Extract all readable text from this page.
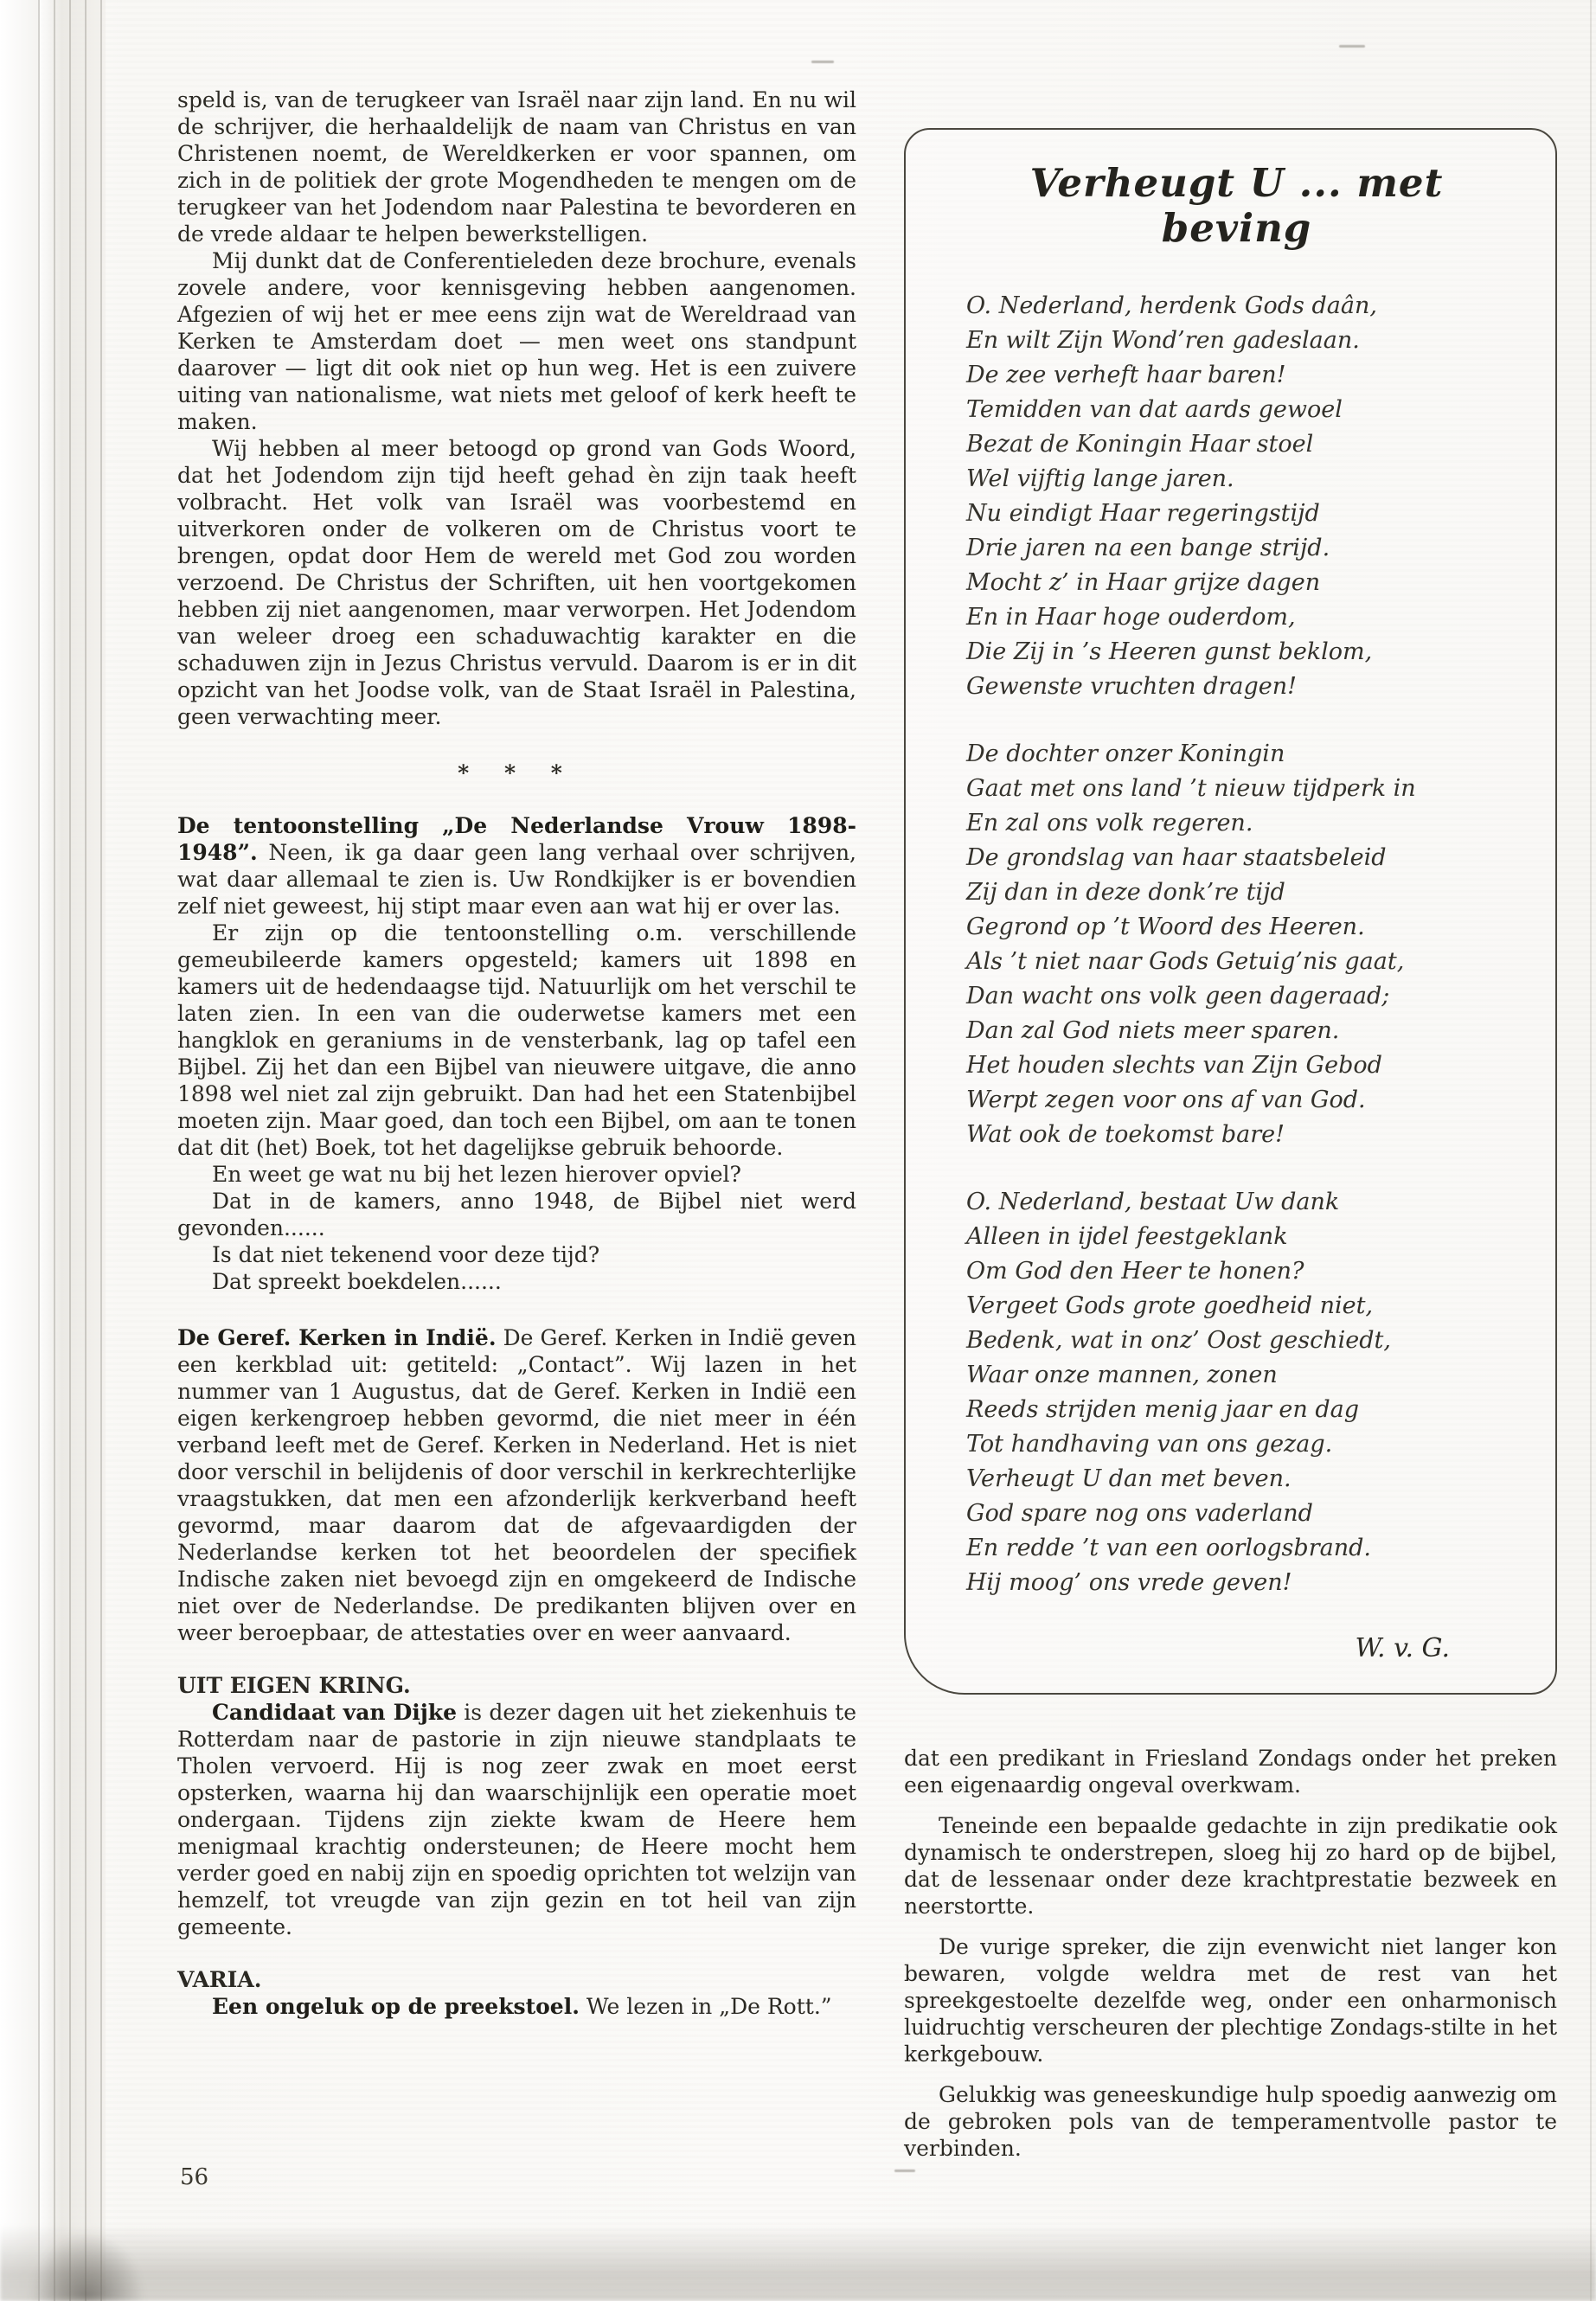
speld is, van de terugkeer van Israël naar zijn land. En nu wil de schrijver, die herhaaldelijk de naam van Christus en van Christenen noemt, de Wereldkerken er voor spannen, om zich in de politiek der grote Mogendheden te mengen om de terugkeer van het Jodendom naar Palestina te bevorderen en de vrede aldaar te helpen bewerkstelligen.

Mij dunkt dat de Conferentieleden deze brochure, evenals zovele andere, voor kennisgeving hebben aangenomen. Afgezien of wij het er mee eens zijn wat de Wereldraad van Kerken te Amsterdam doet — men weet ons standpunt daarover — ligt dit ook niet op hun weg. Het is een zuivere uiting van nationalisme, wat niets met geloof of kerk heeft te maken.

Wij hebben al meer betoogd op grond van Gods Woord, dat het Jodendom zijn tijd heeft gehad èn zijn taak heeft volbracht. Het volk van Israël was voorbestemd en uitverkoren onder de volkeren om de Christus voort te brengen, opdat door Hem de wereld met God zou worden verzoend. De Christus der Schriften, uit hen voortgekomen hebben zij niet aangenomen, maar verworpen. Het Jodendom van weleer droeg een schaduwachtig karakter en die schaduwen zijn in Jezus Christus vervuld. Daarom is er in dit opzicht van het Joodse volk, van de Staat Israël in Palestina, geen verwachting meer.

* * *

De tentoonstelling „De Nederlandse Vrouw 1898-1948”. Neen, ik ga daar geen lang verhaal over schrijven, wat daar allemaal te zien is. Uw Rondkijker is er bovendien zelf niet geweest, hij stipt maar even aan wat hij er over las.

Er zijn op die tentoonstelling o.m. verschillende gemeubileerde kamers opgesteld; kamers uit 1898 en kamers uit de hedendaagse tijd. Natuurlijk om het verschil te laten zien. In een van die ouderwetse kamers met een hangklok en geraniums in de vensterbank, lag op tafel een Bijbel. Zij het dan een Bijbel van nieuwere uitgave, die anno 1898 wel niet zal zijn gebruikt. Dan had het een Statenbijbel moeten zijn. Maar goed, dan toch een Bijbel, om aan te tonen dat dit (het) Boek, tot het dagelijkse gebruik behoorde.

En weet ge wat nu bij het lezen hierover opviel?

Dat in de kamers, anno 1948, de Bijbel niet werd gevonden......

Is dat niet tekenend voor deze tijd?

Dat spreekt boekdelen......

De Geref. Kerken in Indië. De Geref. Kerken in Indië geven een kerkblad uit: getiteld: „Contact”. Wij lazen in het nummer van 1 Augustus, dat de Geref. Kerken in Indië een eigen kerkengroep hebben gevormd, die niet meer in één verband leeft met de Geref. Kerken in Nederland. Het is niet door verschil in belijdenis of door verschil in kerkrechterlijke vraagstukken, dat men een afzonderlijk kerkverband heeft gevormd, maar daarom dat de afgevaardigden der Nederlandse kerken tot het beoordelen der specifiek Indische zaken niet bevoegd zijn en omgekeerd de Indische niet over de Nederlandse. De predikanten blijven over en weer beroepbaar, de attestaties over en weer aanvaard.

UIT EIGEN KRING.

Candidaat van Dijke is dezer dagen uit het ziekenhuis te Rotterdam naar de pastorie in zijn nieuwe standplaats te Tholen vervoerd. Hij is nog zeer zwak en moet eerst opsterken, waarna hij dan waarschijnlijk een operatie moet ondergaan. Tijdens zijn ziekte kwam de Heere hem menigmaal krachtig ondersteunen; de Heere mocht hem verder goed en nabij zijn en spoedig oprichten tot welzijn van hemzelf, tot vreugde van zijn gezin en tot heil van zijn gemeente.

VARIA.

Een ongeluk op de preekstoel. We lezen in „De Rott.”

Verheugt U ... met beving
O. Nederland, herdenk Gods daân,
En wilt Zijn Wond’ren gadeslaan.
De zee verheft haar baren!
Temidden van dat aards gewoel
Bezat de Koningin Haar stoel
Wel vijftig lange jaren.
Nu eindigt Haar regeringstijd
Drie jaren na een bange strijd.
Mocht z’ in Haar grijze dagen
En in Haar hoge ouderdom,
Die Zij in ’s Heeren gunst beklom,
Gewenste vruchten dragen!
De dochter onzer Koningin
Gaat met ons land ’t nieuw tijdperk in
En zal ons volk regeren.
De grondslag van haar staatsbeleid
Zij dan in deze donk’re tijd
Gegrond op ’t Woord des Heeren.
Als ’t niet naar Gods Getuig’nis gaat,
Dan wacht ons volk geen dageraad;
Dan zal God niets meer sparen.
Het houden slechts van Zijn Gebod
Werpt zegen voor ons af van God.
Wat ook de toekomst bare!
O. Nederland, bestaat Uw dank
Alleen in ijdel feestgeklank
Om God den Heer te honen?
Vergeet Gods grote goedheid niet,
Bedenk, wat in onz’ Oost geschiedt,
Waar onze mannen, zonen
Reeds strijden menig jaar en dag
Tot handhaving van ons gezag.
Verheugt U dan met beven.
God spare nog ons vaderland
En redde ’t van een oorlogsbrand.
Hij moog’ ons vrede geven!
W. v. G.

dat een predikant in Friesland Zondags onder het preken een eigenaardig ongeval overkwam.

Teneinde een bepaalde gedachte in zijn predikatie ook dynamisch te onderstrepen, sloeg hij zo hard op de bijbel, dat de lessenaar onder deze krachtprestatie bezweek en neerstortte.

De vurige spreker, die zijn evenwicht niet langer kon bewaren, volgde weldra met de rest van het spreekgestoelte dezelfde weg, onder een onharmonisch luidruchtig verscheuren der plechtige Zondags-stilte in het kerkgebouw.

Gelukkig was geneeskundige hulp spoedig aanwezig om de gebroken pols van de temperamentvolle pastor te verbinden.

56
